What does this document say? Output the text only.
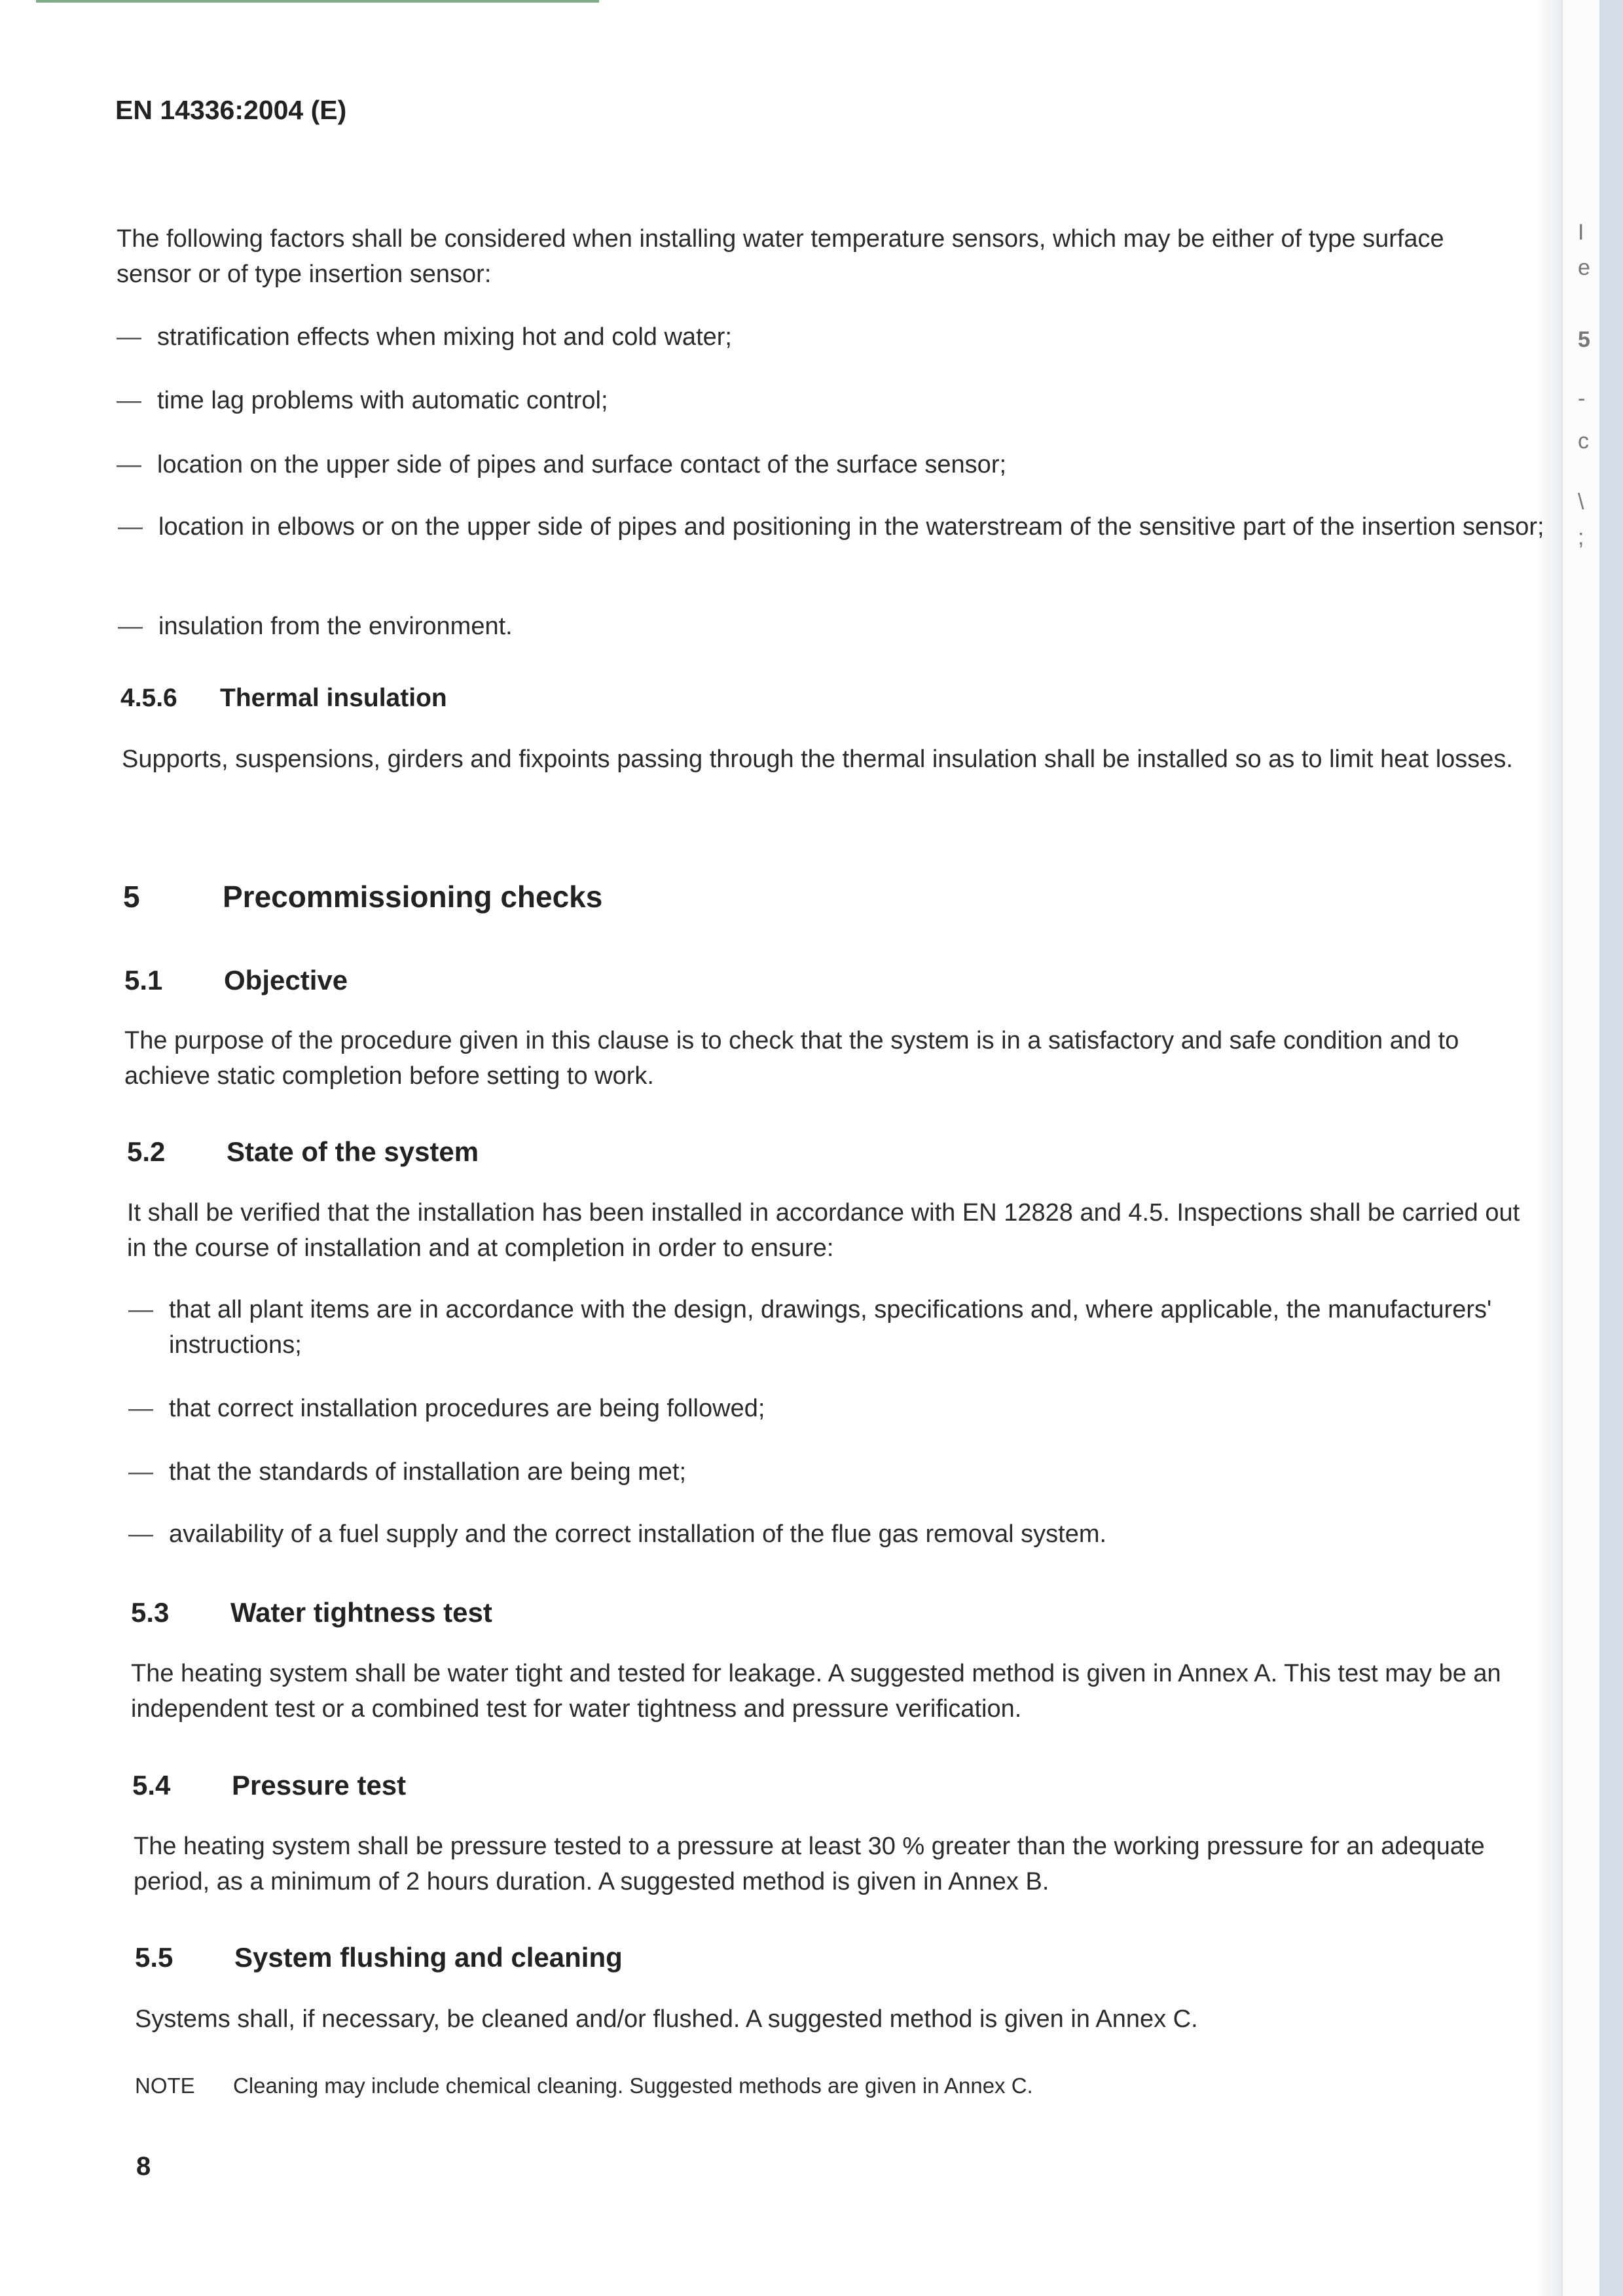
I
e
5
-
c
\
;
EN 14336:2004 (E)
The following factors shall be considered when installing water temperature sensors, which may be either of type surface sensor or of type insertion sensor:
— stratification effects when mixing hot and cold water;
— time lag problems with automatic control;
— location on the upper side of pipes and surface contact of the surface sensor;
— location in elbows or on the upper side of pipes and positioning in the waterstream of the sensitive part of the insertion sensor;
— insulation from the environment.
4.5.6 Thermal insulation
Supports, suspensions, girders and fixpoints passing through the thermal insulation shall be installed so as to limit heat losses.
5	Precommissioning checks
5.1 Objective
The purpose of the procedure given in this clause is to check that the system is in a satisfactory and safe condition and to achieve static completion before setting to work.
5.2 State of the system
It shall be verified that the installation has been installed in accordance with EN 12828 and 4.5. Inspections shall be carried out in the course of installation and at completion in order to ensure:
— that all plant items are in accordance with the design, drawings, specifications and, where applicable, the manufacturers' instructions;
— that correct installation procedures are being followed;
— that the standards of installation are being met;
— availability of a fuel supply and the correct installation of the flue gas removal system.
5.3 Water tightness test
The heating system shall be water tight and tested for leakage. A suggested method is given in Annex A. This test may be an independent test or a combined test for water tightness and pressure verification.
5.4 Pressure test
The heating system shall be pressure tested to a pressure at least 30 % greater than the working pressure for an adequate period, as a minimum of 2 hours duration. A suggested method is given in Annex B.
5.5 System flushing and cleaning
Systems shall, if necessary, be cleaned and/or flushed. A suggested method is given in Annex C.
NOTE Cleaning may include chemical cleaning. Suggested methods are given in Annex C.
8
